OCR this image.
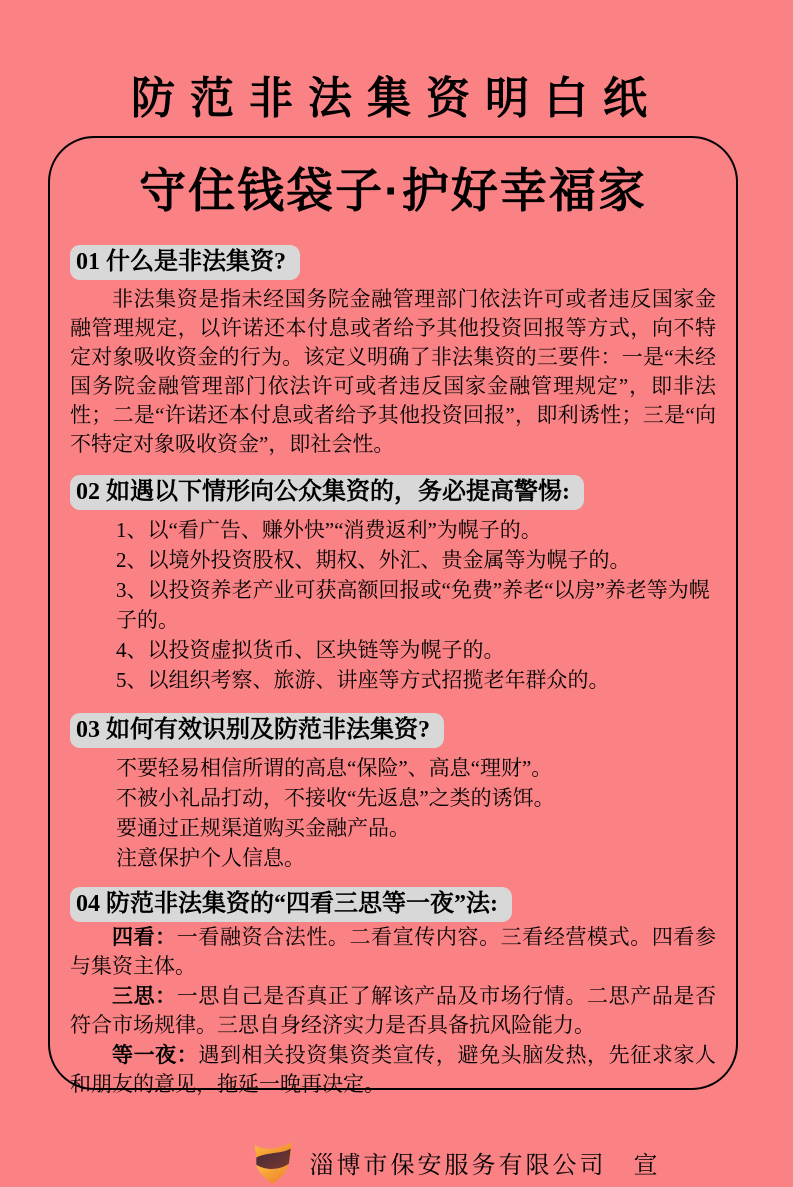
防范非法集资明白纸
守住钱袋子·护好幸福家
01 什么是非法集资?

非法集资是指未经国务院金融管理部门依法许可或者违反国家金融管理规定，以许诺还本付息或者给予其他投资回报等方式，向不特定对象吸收资金的行为。该定义明确了非法集资的三要件：一是“未经国务院金融管理部门依法许可或者违反国家金融管理规定”，即非法性；二是“许诺还本付息或者给予其他投资回报”，即利诱性；三是“向不特定对象吸收资金”，即社会性。

02 如遇以下情形向公众集资的，务必提高警惕:

1、以“看广告、赚外快”“消费返利”为幌子的。

2、以境外投资股权、期权、外汇、贵金属等为幌子的。

3、以投资养老产业可获高额回报或“免费”养老“以房”养老等为幌子的。

4、以投资虚拟货币、区块链等为幌子的。

5、以组织考察、旅游、讲座等方式招揽老年群众的。

03 如何有效识别及防范非法集资?

不要轻易相信所谓的高息“保险”、高息“理财”。

不被小礼品打动，不接收“先返息”之类的诱饵。

要通过正规渠道购买金融产品。

注意保护个人信息。

04 防范非法集资的“四看三思等一夜”法:

四看：一看融资合法性。二看宣传内容。三看经营模式。四看参与集资主体。

三思：一思自己是否真正了解该产品及市场行情。二思产品是否符合市场规律。三思自身经济实力是否具备抗风险能力。

等一夜：遇到相关投资集资类宣传，避免头脑发热，先征求家人和朋友的意见，拖延一晚再决定。

淄博市保安服务有限公司　宣
